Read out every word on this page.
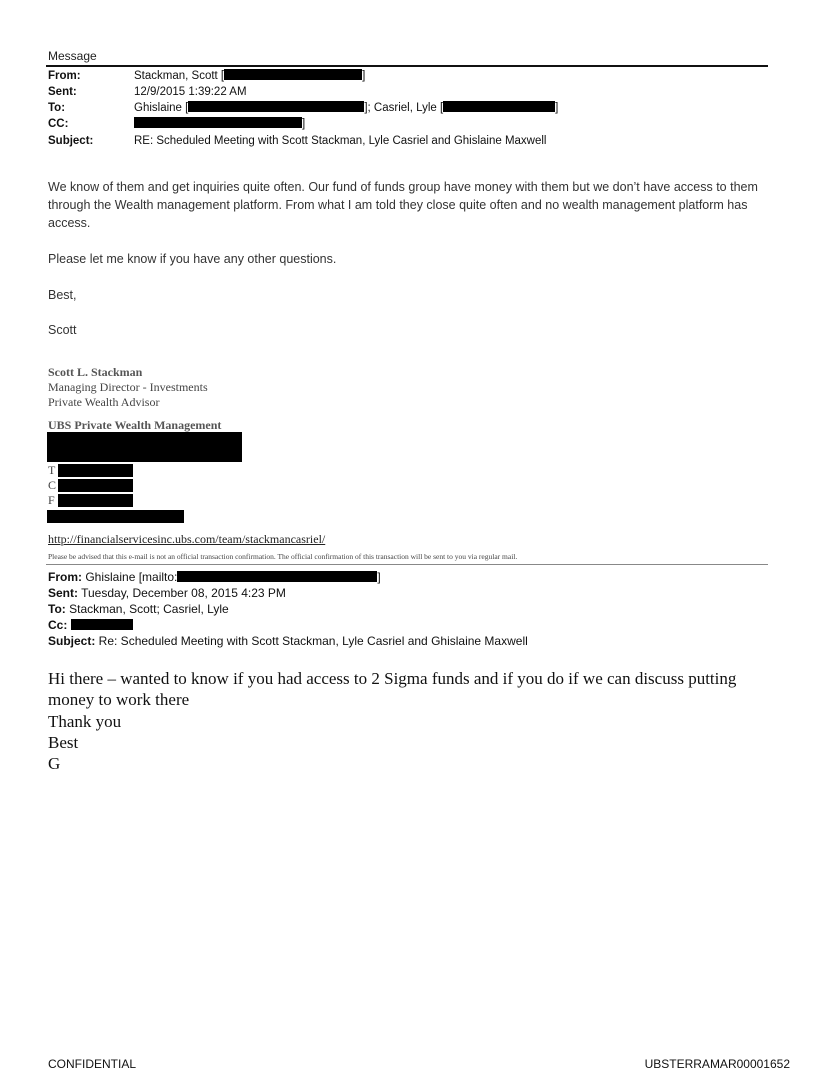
Message
From:	Stackman, Scott [	]
Sent:	12/9/2015 1:39:22 AM
To:	Ghislaine [	]; Casriel, Lyle [	]
CC:	]
Subject:	RE: Scheduled Meeting with Scott Stackman, Lyle Casriel and Ghislaine Maxwell

We know of them and get inquiries quite often. Our fund of funds group have money with them but we don’t have access to them through the Wealth management platform. From what I am told they close quite often and no wealth management platform has access.

Please let me know if you have any other questions.

Best,

Scott

Scott L. Stackman
Managing Director - Investments
Private Wealth Advisor
UBS Private Wealth Management
T
C
F
http://financialservicesinc.ubs.com/team/stackmancasriel/
Please be advised that this e-mail is not an official transaction confirmation. The official confirmation of this transaction will be sent to you via regular mail.
From: Ghislaine [mailto:	]
Sent: Tuesday, December 08, 2015 4:23 PM
To: Stackman, Scott; Casriel, Lyle
Cc:
Subject: Re: Scheduled Meeting with Scott Stackman, Lyle Casriel and Ghislaine Maxwell

Hi there – wanted to know if you had access to 2 Sigma funds and if you do if we can discuss putting money to work there

Thank you

Best

G

CONFIDENTIAL	UBSTERRAMAR00001652
